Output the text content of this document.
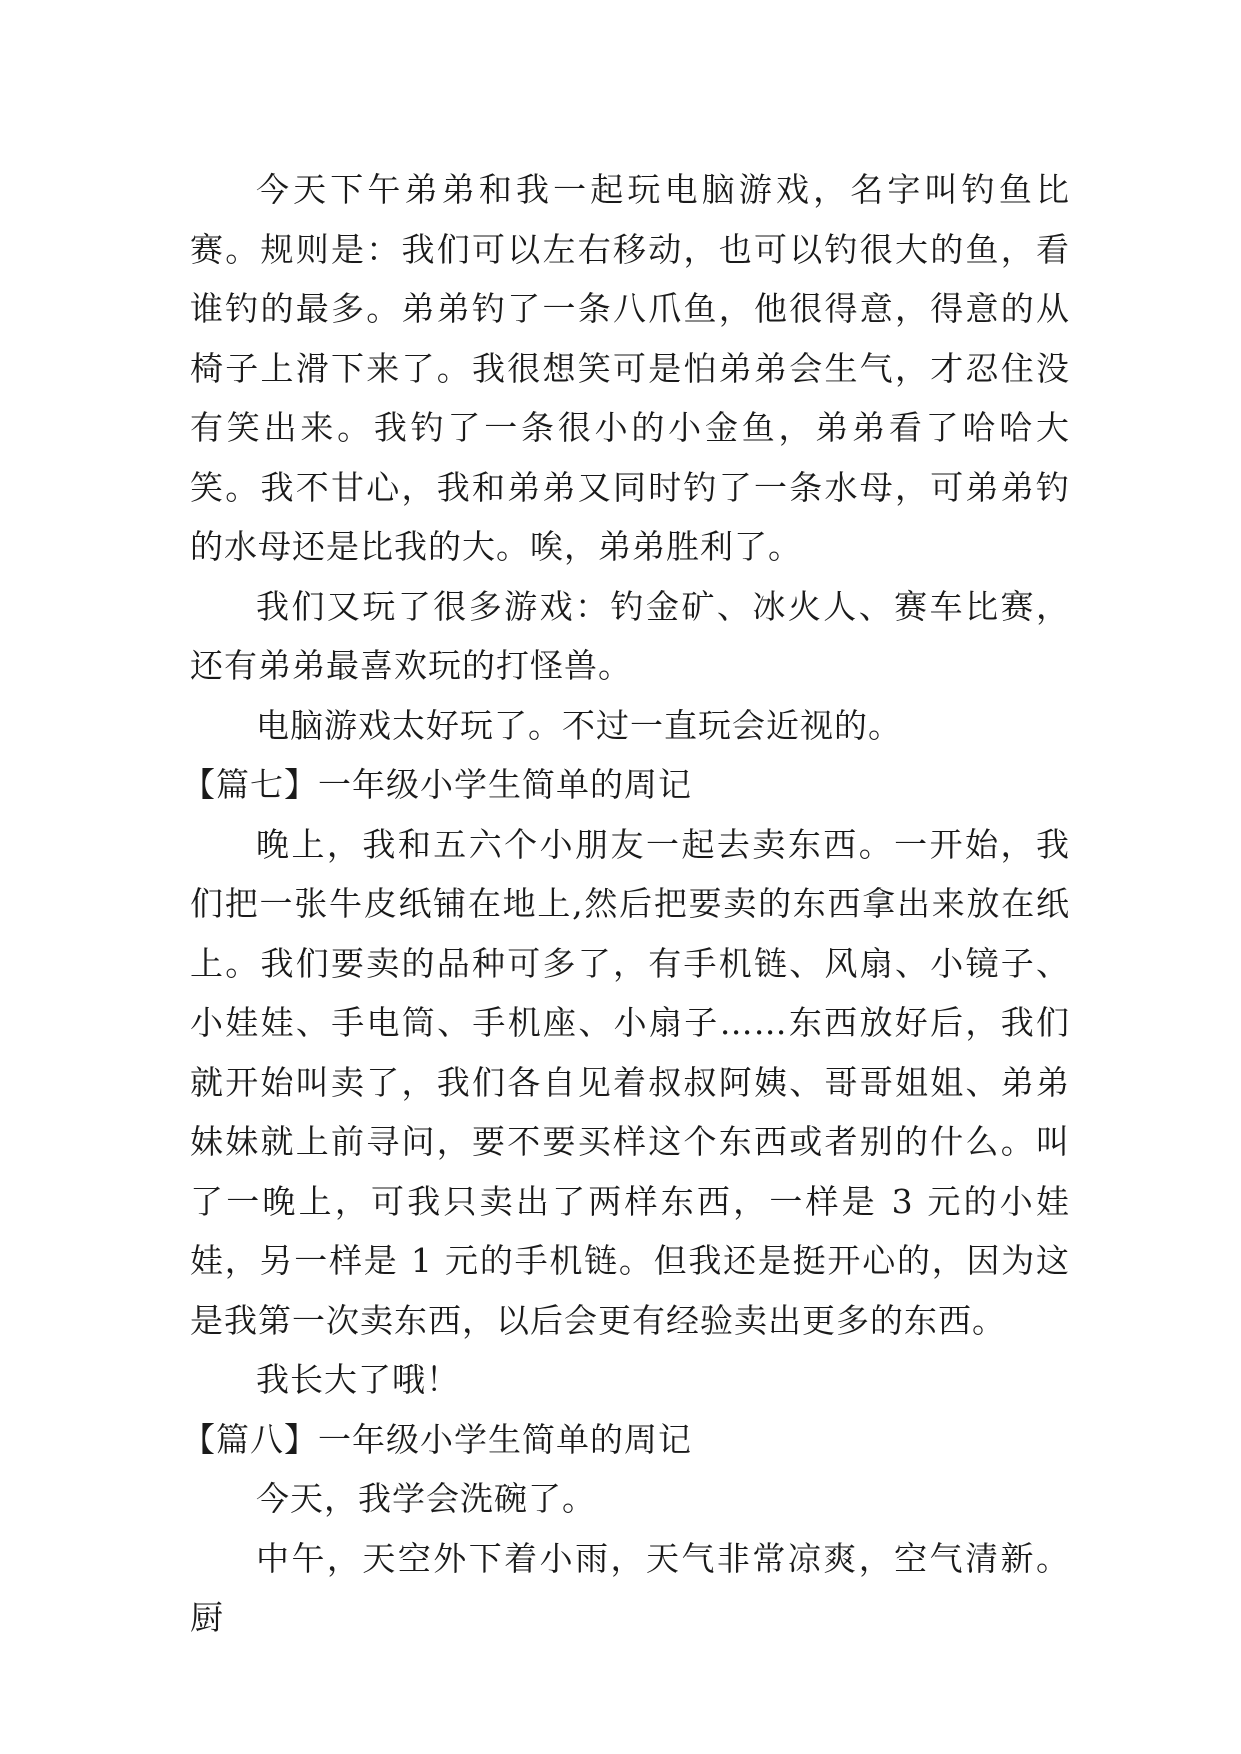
今天下午弟弟和我一起玩电脑游戏，名字叫钓鱼比赛。规则是：我们可以左右移动，也可以钓很大的鱼，看谁钓的最多。弟弟钓了一条八爪鱼，他很得意，得意的从椅子上滑下来了。我很想笑可是怕弟弟会生气，才忍住没有笑出来。我钓了一条很小的小金鱼，弟弟看了哈哈大笑。我不甘心，我和弟弟又同时钓了一条水母，可弟弟钓的水母还是比我的大。唉，弟弟胜利了。

我们又玩了很多游戏：钓金矿、冰火人、赛车比赛，还有弟弟最喜欢玩的打怪兽。

电脑游戏太好玩了。不过一直玩会近视的。

【篇七】一年级小学生简单的周记

晚上，我和五六个小朋友一起去卖东西。一开始，我们把一张牛皮纸铺在地上,然后把要卖的东西拿出来放在纸上。我们要卖的品种可多了，有手机链、风扇、小镜子、小娃娃、手电筒、手机座、小扇子……东西放好后，我们就开始叫卖了，我们各自见着叔叔阿姨、哥哥姐姐、弟弟妹妹就上前寻问，要不要买样这个东西或者别的什么。叫了一晚上，可我只卖出了两样东西，一样是 3 元的小娃娃，另一样是 1 元的手机链。但我还是挺开心的，因为这是我第一次卖东西，以后会更有经验卖出更多的东西。

我长大了哦！

【篇八】一年级小学生简单的周记

今天，我学会洗碗了。

中午，天空外下着小雨，天气非常凉爽，空气清新。厨
